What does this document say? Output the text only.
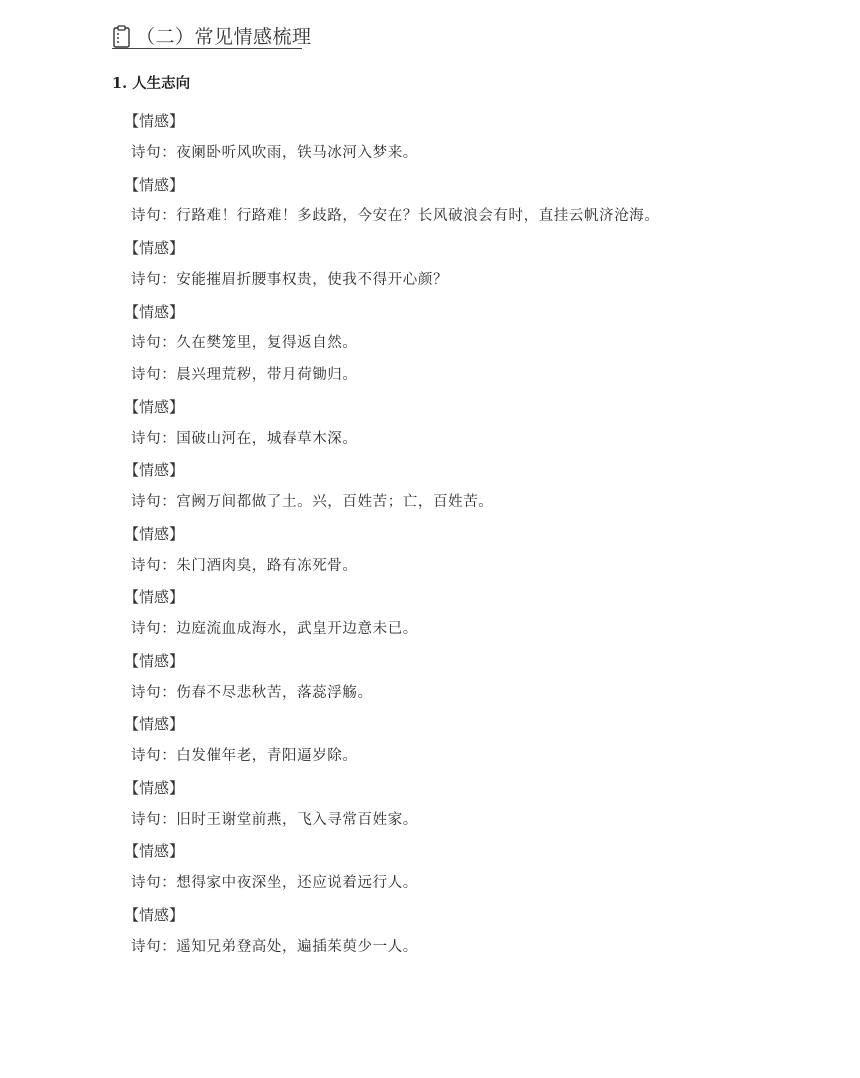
（二）常见情感梳理
1. 人生志向
【情感】
诗句：夜阑卧听风吹雨，铁马冰河入梦来。
【情感】
诗句：行路难！行路难！多歧路，今安在？长风破浪会有时，直挂云帆济沧海。
【情感】
诗句：安能摧眉折腰事权贵，使我不得开心颜？
【情感】
诗句：久在樊笼里，复得返自然。
诗句：晨兴理荒秽，带月荷锄归。
【情感】
诗句：国破山河在，城春草木深。
【情感】
诗句：宫阙万间都做了土。兴，百姓苦；亡，百姓苦。
【情感】
诗句：朱门酒肉臭，路有冻死骨。
【情感】
诗句：边庭流血成海水，武皇开边意未已。
【情感】
诗句：伤春不尽悲秋苦，落蕊浮觞。
【情感】
诗句：白发催年老，青阳逼岁除。
【情感】
诗句：旧时王谢堂前燕，飞入寻常百姓家。
【情感】
诗句：想得家中夜深坐，还应说着远行人。
【情感】
诗句：遥知兄弟登高处，遍插茱萸少一人。
